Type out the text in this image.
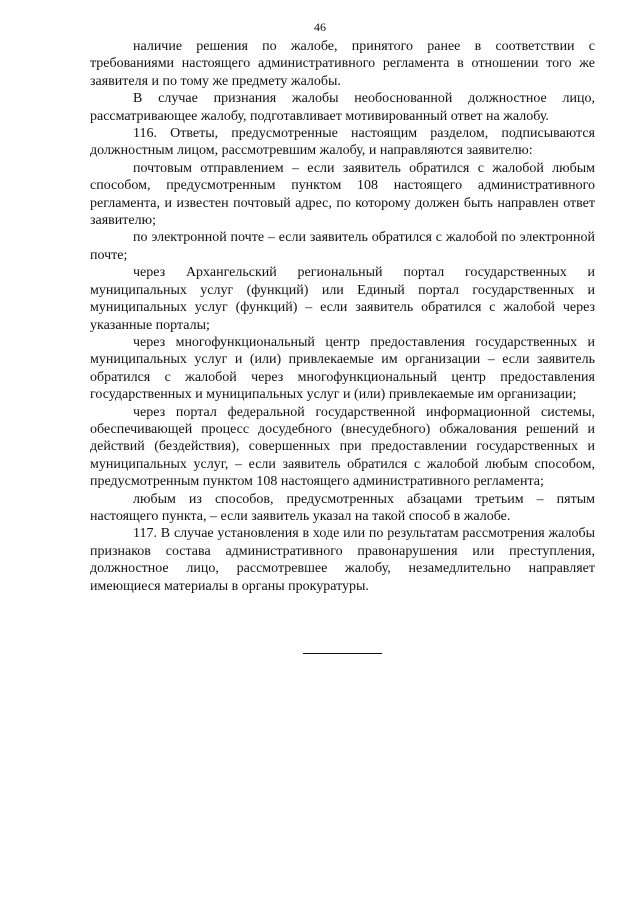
46

наличие решения по жалобе, принятого ранее в соответствии с требованиями настоящего административного регламента в отношении того же заявителя и по тому же предмету жалобы.

В случае признания жалобы необоснованной должностное лицо, рассматривающее жалобу, подготавливает мотивированный ответ на жалобу.

116. Ответы, предусмотренные настоящим разделом, подписываются должностным лицом, рассмотревшим жалобу, и направляются заявителю:

почтовым отправлением – если заявитель обратился с жалобой любым способом, предусмотренным пунктом 108 настоящего административного регламента, и известен почтовый адрес, по которому должен быть направлен ответ заявителю;

по электронной почте – если заявитель обратился с жалобой по электронной почте;

через Архангельский региональный портал государственных и муниципальных услуг (функций) или Единый портал государственных и муниципальных услуг (функций) – если заявитель обратился с жалобой через указанные порталы;

через многофункциональный центр предоставления государственных и муниципальных услуг и (или) привлекаемые им организации – если заявитель обратился с жалобой через многофункциональный центр предоставления государственных и муниципальных услуг и (или) привлекаемые им организации;

через портал федеральной государственной информационной системы, обеспечивающей процесс досудебного (внесудебного) обжалования решений и действий (бездействия), совершенных при предоставлении государственных и муниципальных услуг, – если заявитель обратился с жалобой любым способом, предусмотренным пунктом 108 настоящего административного регламента;

любым из способов, предусмотренных абзацами третьим – пятым настоящего пункта, – если заявитель указал на такой способ в жалобе.

117. В случае установления в ходе или по результатам рассмотрения жалобы признаков состава административного правонарушения или преступления, должностное лицо, рассмотревшее жалобу, незамедлительно направляет имеющиеся материалы в органы прокуратуры.
